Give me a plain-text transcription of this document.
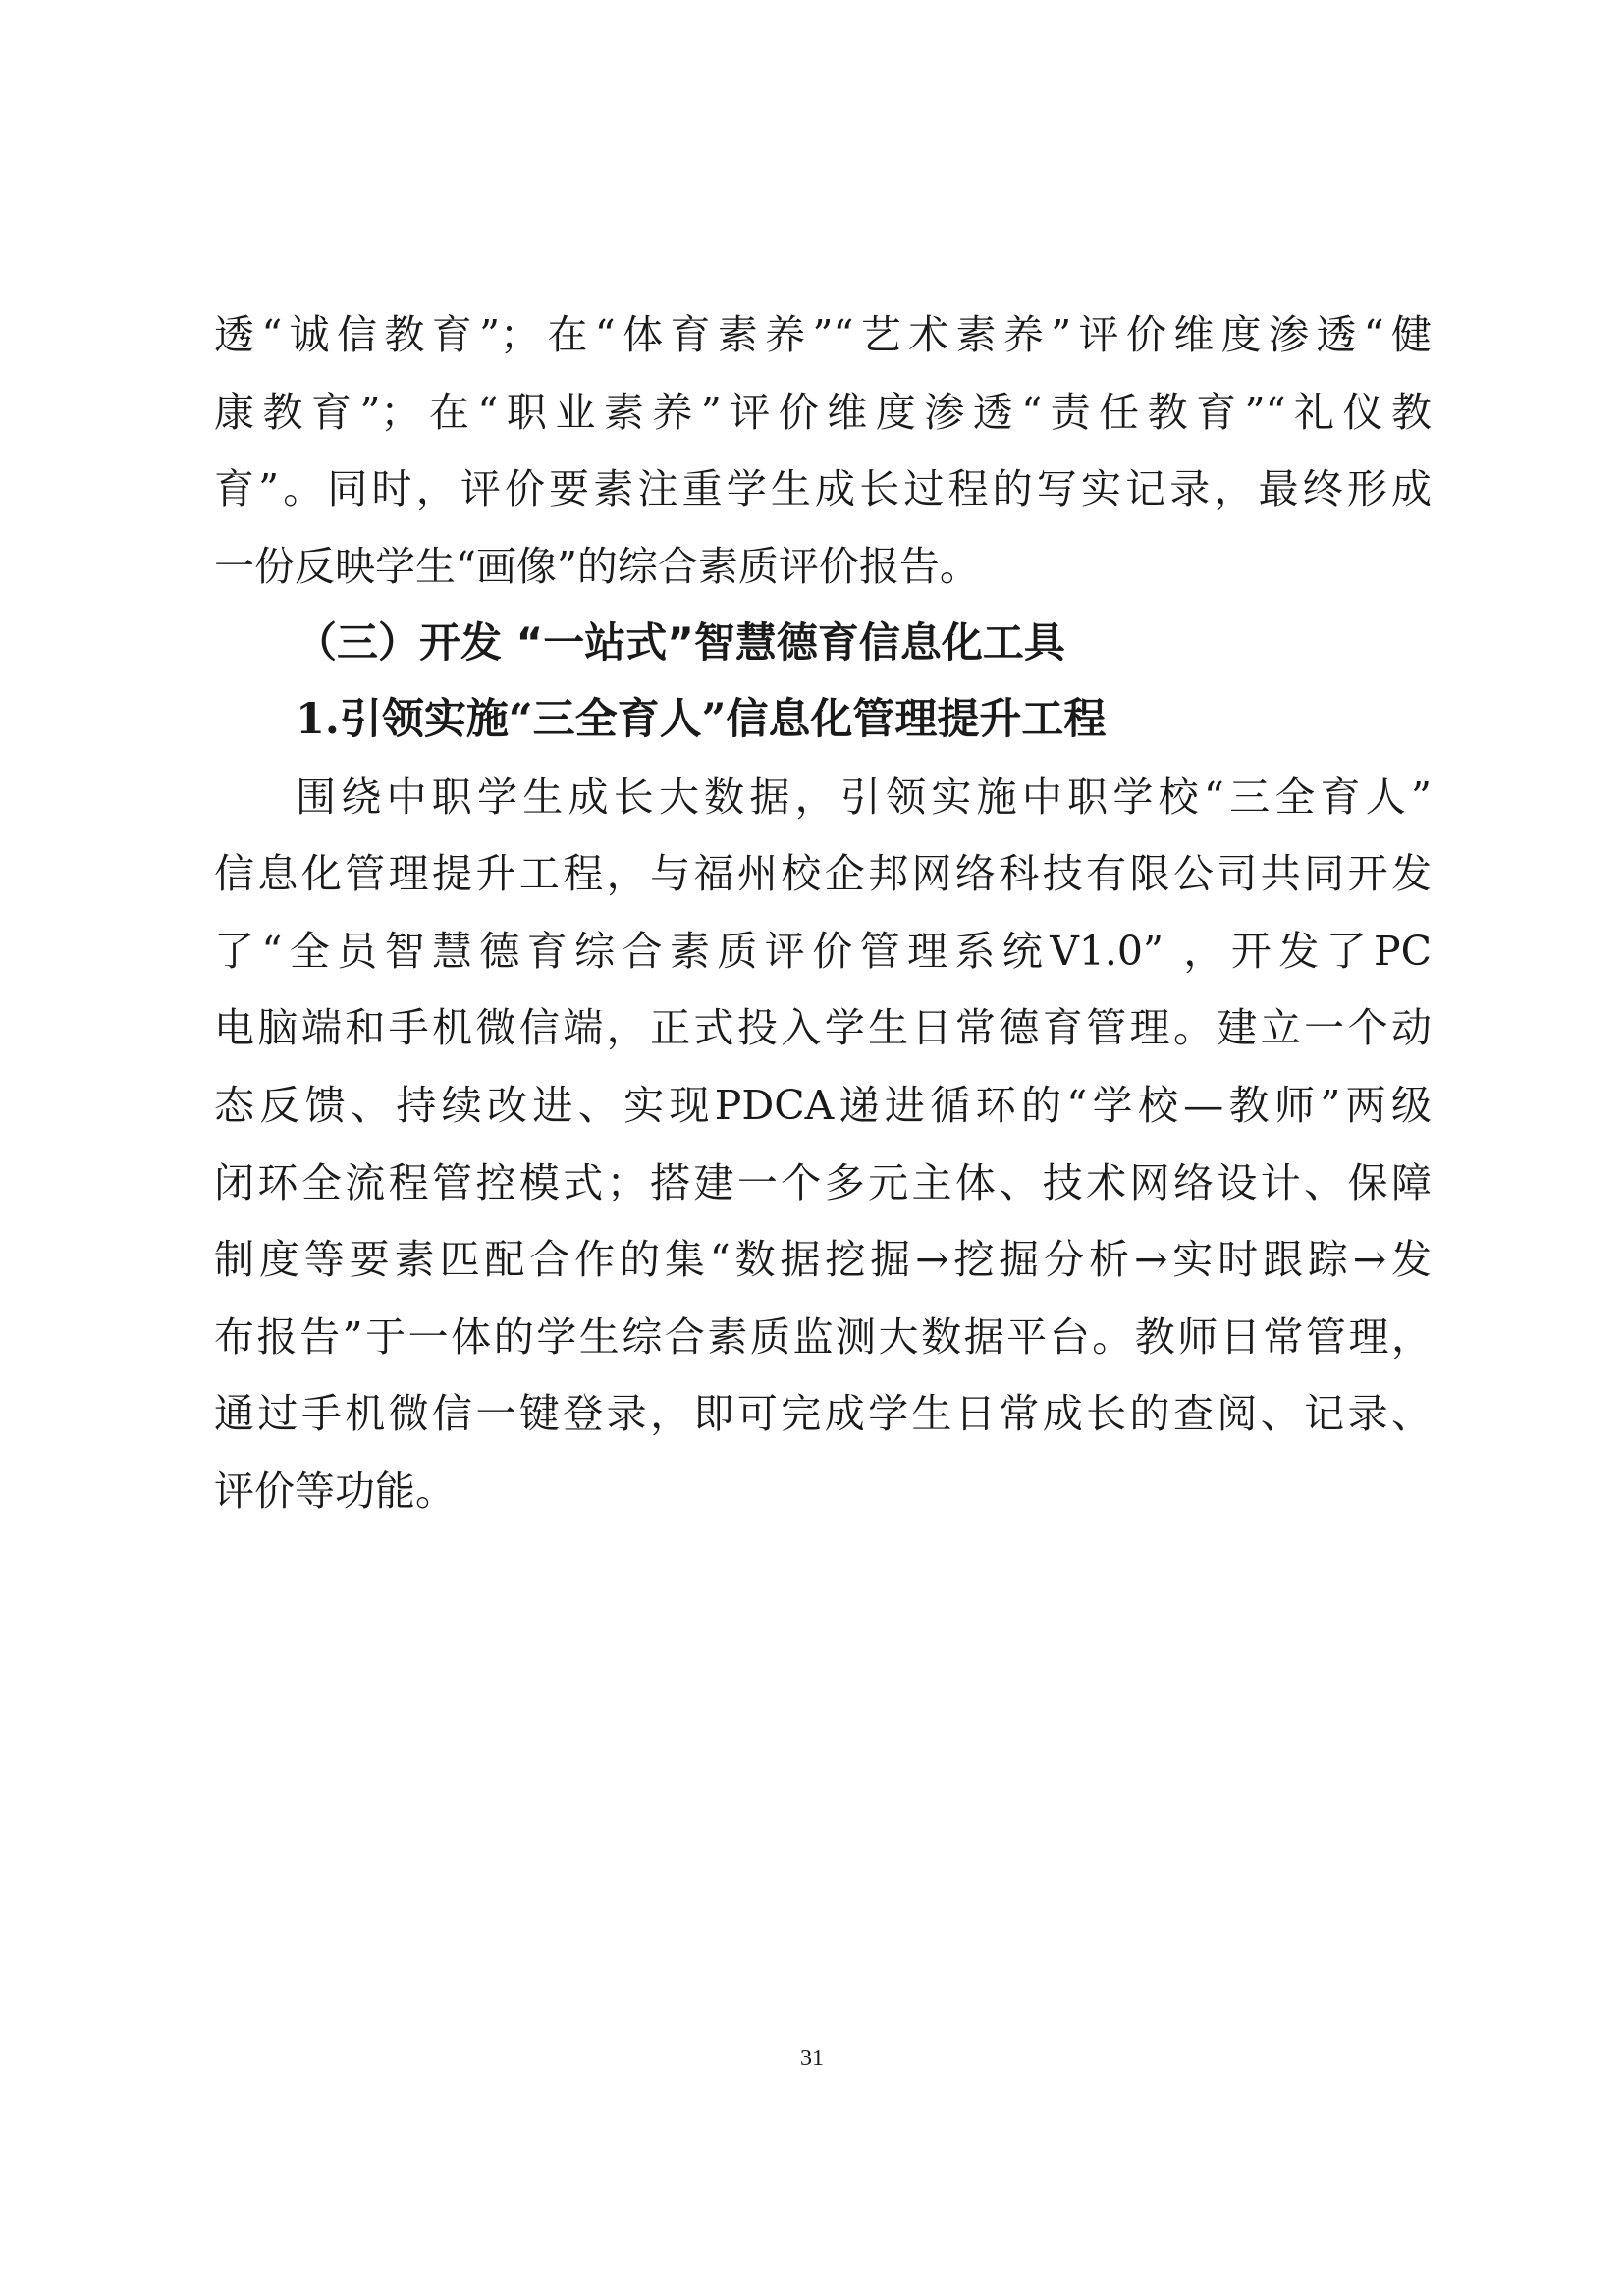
透“诚信教育”；在“体育素养”“艺术素养”评价维度渗透“健
康教育”；在“职业素养”评价维度渗透“责任教育”“礼仪教
育”。同时，评价要素注重学生成长过程的写实记录，最终形成
一份反映学生“画像”的综合素质评价报告。
（三）开发 “一站式”智慧德育信息化工具
1.引领实施“三全育人”信息化管理提升工程
围绕中职学生成长大数据，引领实施中职学校“三全育人”
信息化管理提升工程，与福州校企邦网络科技有限公司共同开发
了“全员智慧德育综合素质评价管理系统V1.0” ，开发了PC
电脑端和手机微信端，正式投入学生日常德育管理。建立一个动
态反馈、持续改进、实现PDCA递进循环的“学校—教师”两级
闭环全流程管控模式；搭建一个多元主体、技术网络设计、保障
制度等要素匹配合作的集“数据挖掘→挖掘分析→实时跟踪→发
布报告”于一体的学生综合素质监测大数据平台。教师日常管理，
通过手机微信一键登录，即可完成学生日常成长的查阅、记录、
评价等功能。
31
